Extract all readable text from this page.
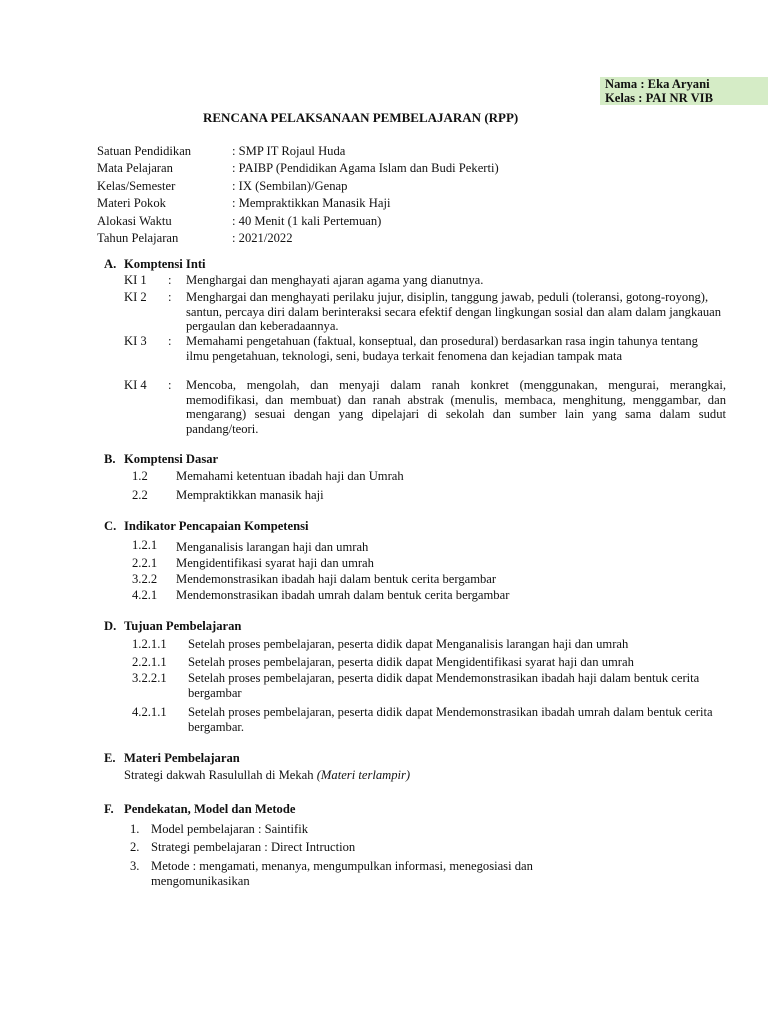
Nama : Eka Aryani
Kelas : PAI NR VIB
RENCANA PELAKSANAAN PEMBELAJARAN (RPP)
Satuan Pendidikan	: SMP IT Rojaul Huda
Mata Pelajaran	: PAIBP (Pendidikan Agama Islam dan Budi Pekerti)
Kelas/Semester	: IX (Sembilan)/Genap
Materi Pokok	: Mempraktikkan Manasik Haji
Alokasi Waktu	: 40 Menit (1 kali Pertemuan)
Tahun Pelajaran	: 2021/2022
A. Komptensi Inti
KI 1 : Menghargai dan menghayati ajaran agama yang dianutnya.
KI 2 : Menghargai dan menghayati perilaku jujur, disiplin, tanggung jawab, peduli (toleransi, gotong-royong), santun, percaya diri dalam berinteraksi secara efektif dengan lingkungan sosial dan alam dalam jangkauan pergaulan dan keberadaannya.
KI 3 : Memahami pengetahuan (faktual, konseptual, dan prosedural) berdasarkan rasa ingin tahunya tentang ilmu pengetahuan, teknologi, seni, budaya terkait fenomena dan kejadian tampak mata
KI 4 : Mencoba, mengolah, dan menyaji dalam ranah konkret (menggunakan, mengurai, merangkai, memodifikasi, dan membuat) dan ranah abstrak (menulis, membaca, menghitung, menggambar, dan mengarang) sesuai dengan yang dipelajari di sekolah dan sumber lain yang sama dalam sudut pandang/teori.
B. Komptensi Dasar
1.2 Memahami ketentuan ibadah haji dan Umrah
2.2 Mempraktikkan manasik haji
C. Indikator Pencapaian Kompetensi
1.2.1 Menganalisis larangan haji dan umrah
2.2.1 Mengidentifikasi syarat haji dan umrah
3.2.2 Mendemonstrasikan ibadah haji dalam bentuk cerita bergambar
4.2.1 Mendemonstrasikan ibadah umrah dalam bentuk cerita bergambar
D. Tujuan Pembelajaran
1.2.1.1 Setelah proses pembelajaran, peserta didik dapat Menganalisis larangan haji dan umrah
2.2.1.1 Setelah proses pembelajaran, peserta didik dapat Mengidentifikasi syarat haji dan umrah
3.2.2.1 Setelah proses pembelajaran, peserta didik dapat Mendemonstrasikan ibadah haji dalam bentuk cerita bergambar
4.2.1.1 Setelah proses pembelajaran, peserta didik dapat Mendemonstrasikan ibadah umrah dalam bentuk cerita bergambar.
E. Materi Pembelajaran
Strategi dakwah Rasulullah di Mekah (Materi terlampir)
F. Pendekatan, Model dan Metode
1. Model pembelajaran : Saintifik
2. Strategi pembelajaran : Direct Intruction
3. Metode : mengamati, menanya, mengumpulkan informasi, menegosiasi dan mengomunikasikan
